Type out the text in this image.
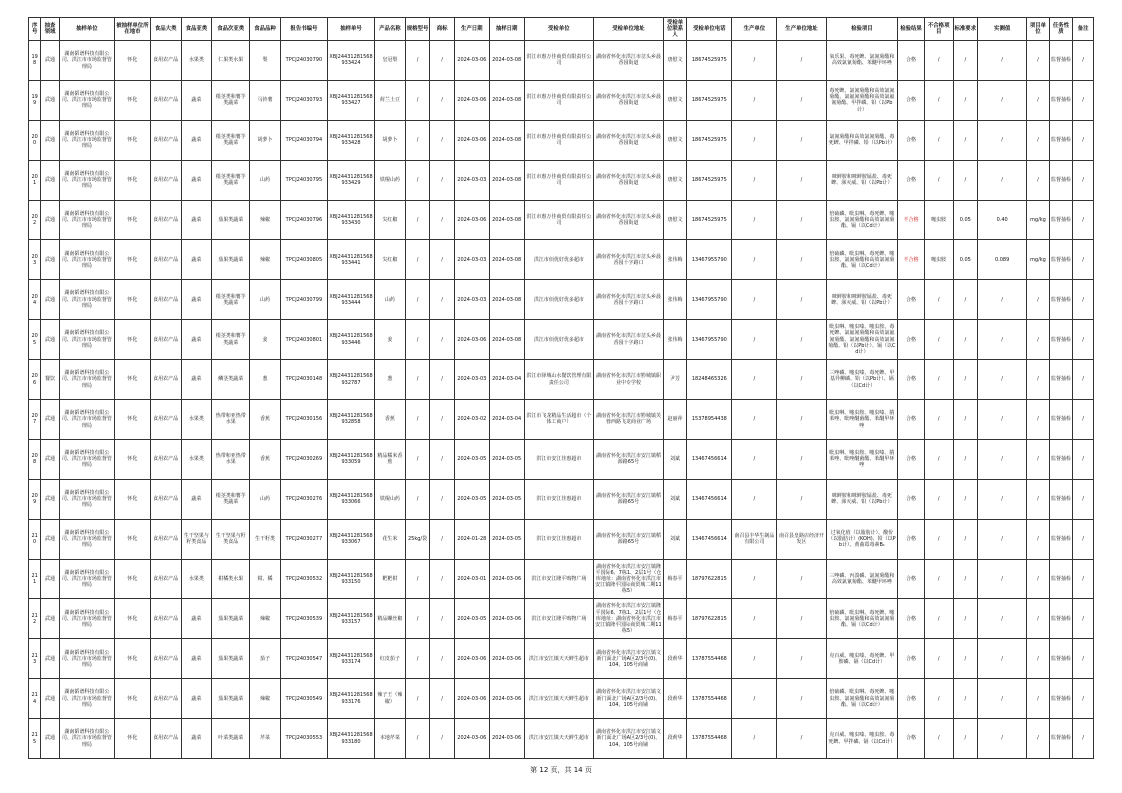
序号	抽查领域	抽样单位	被抽样单位所在地市	食品大类	食品亚类	食品次亚类	食品品种	报告书编号	抽样单号	产品名称	规格型号	商标	生产日期	抽样日期	受检单位	受检单位地址	受检单位联系人	受检单位电话	生产单位	生产单位地址	检验项目	检验结果	不合格项目	标准要求	实测值	项目单位	任务性质	备注
198	武通	湖南韬谱科技有限公司、洪江市市场监督管理局	怀化	食用农产品	水果类	仁果类水果	梨	TPCJ24030790	XBJ24431281568933424	皇冠梨	/	/	2024-03-06	2024-03-08	洪江市惠万佳商贸有限责任公司	湖南省怀化市洪江市岔头乡晨香园街道	唐慰文	18674525975	/	/	氧乐果、毒死蜱、氯氰菊酯和高效氯氰菊酯、苯醚甲环唑	合格	/	/	/	/	监督抽检	/
199	武通	湖南韬谱科技有限公司、洪江市市场监督管理局	怀化	食用农产品	蔬菜	根茎类和薯芋类蔬菜	马铃薯	TPCJ24030793	XBJ24431281568933427	荷兰土豆	/	/	2024-03-06	2024-03-08	洪江市惠万佳商贸有限责任公司	湖南省怀化市洪江市岔头乡晨香园街道	唐慰文	18674525975	/	/	毒死蜱、氯氰菊酯和高效氯氰菊酯、氯氟氰菊酯和高效氯氟氰菊酯、甲拌磷、铅（以Pb计）	合格	/	/	/	/	监督抽检	/
200	武通	湖南韬谱科技有限公司、洪江市市场监督管理局	怀化	食用农产品	蔬菜	根茎类和薯芋类蔬菜	胡萝卜	TPCJ24030794	XBJ24431281568933428	胡萝卜	/	/	2024-03-06	2024-03-08	洪江市惠万佳商贸有限责任公司	湖南省怀化市洪江市岔头乡晨香园街道	唐慰文	18674525975	/	/	氯氰菊酯和高效氯氰菊酯、毒死蜱、甲拌磷、铅（以Pb计）	合格	/	/	/	/	监督抽检	/
201	武通	湖南韬谱科技有限公司、洪江市市场监督管理局	怀化	食用农产品	蔬菜	根茎类和薯芋类蔬菜	山药	TPCJ24030795	XBJ24431281568933429	铁棍山药	/	/	2024-03-03	2024-03-08	洪江市惠万佳商贸有限责任公司	湖南省怀化市洪江市岔头乡晨香园街道	唐慰文	18674525975	/	/	咪鲜胺和咪鲜胺锰盐、毒死蜱、涕灭威、铅（以Pb计）	合格	/	/	/	/	监督抽检	/
202	武通	湖南韬谱科技有限公司、洪江市市场监督管理局	怀化	食用农产品	蔬菜	茄果类蔬菜	辣椒	TPCJ24030796	XBJ24431281568933430	尖红椒	/	/	2024-03-06	2024-03-08	洪江市惠万佳商贸有限责任公司	湖南省怀化市洪江市岔头乡晨香园街道	唐慰文	18674525975	/	/	倍硫磷、吡虫啉、毒死蜱、噻虫胺、氯氰菊酯和高效氯氰菊酯、镉（以Cd计）	不合格	噻虫胺	0.05	0.40	mg/kg	监督抽检	/
203	武通	湖南韬谱科技有限公司、洪江市市场监督管理局	怀化	食用农产品	蔬菜	茄果类蔬菜	辣椒	TPCJ24030805	XBJ24431281568933441	尖红椒	/	/	2024-03-03	2024-03-08	洪江市佰优好优多超市	湖南省怀化市洪江市岔头乡晨香园十字路口	张伟梅	13467955790	/	/	倍硫磷、吡虫啉、毒死蜱、噻虫胺、氯氰菊酯和高效氯氰菊酯、镉（以Cd计）	不合格	噻虫胺	0.05	0.089	mg/kg	监督抽检	/
204	武通	湖南韬谱科技有限公司、洪江市市场监督管理局	怀化	食用农产品	蔬菜	根茎类和薯芋类蔬菜	山药	TPCJ24030799	XBJ24431281568933444	山药	/	/	2024-03-03	2024-03-08	洪江市佰优好优多超市	湖南省怀化市洪江市岔头乡晨香园十字路口	张伟梅	13467955790	/	/	咪鲜胺和咪鲜胺锰盐、毒死蜱、涕灭威、铅（以Pb计）	合格	/	/	/	/	监督抽检	/
205	武通	湖南韬谱科技有限公司、洪江市市场监督管理局	怀化	食用农产品	蔬菜	根茎类和薯芋类蔬菜	姜	TPCJ24030801	XBJ24431281568933446	姜	/	/	2024-03-06	2024-03-08	洪江市佰优好优多超市	湖南省怀化市洪江市岔头乡晨香园十字路口	张伟梅	13467955790	/	/	吡虫啉、噻虫嗪、噻虫胺、毒死蜱、氯氟氰菊酯和高效氯氟氰菊酯、氯氰菊酯和高效氯氰菊酯、铅（以Pb计）、镉（以Cd计）	合格	/	/	/	/	监督抽检	/
206	餐饮	湖南韬谱科技有限公司、洪江市市场监督管理局	怀化	食用农产品	蔬菜	鳞茎类蔬菜	葱	TPCJ24030148	XBJ24431281568932787	葱	/	/	2024-03-03	2024-03-04	洪江市驿城山水餐饮管理有限责任公司	湖南省怀化市洪江市黔城镇职业中专学校	尹芳	18248465326	/	/	三唑磷、噻虫嗪、毒死蜱、甲基异柳磷、铅（以Pb计）、镉（以Cd计）	合格	/	/	/	/	监督抽检	/
207	武通	湖南韬谱科技有限公司、洪江市市场监督管理局	怀化	食用农产品	水果类	热带和亚热带水果	香蕉	TPCJ24030156	XBJ24431281568932858	香蕉	/	/	2024-03-02	2024-03-04	洪江市飞龙精品生活超市（个体工商户）	湖南省怀化市洪江市黔城镇芙蓉西路飞龙商业广场	赵丽萍	15378954438	/	/	吡虫啉、噻虫胺、噻虫嗪、腈苯唑、吡唑醚菌酯、苯醚甲环唑	合格	/	/	/	/	监督抽检	/
208	武通	湖南韬谱科技有限公司、洪江市市场监督管理局	怀化	食用农产品	水果类	热带和亚热带水果	香蕉	TPCJ24030269	XBJ24431281568933059	精品糯米香蕉	/	/	2024-03-05	2024-03-05	洪江市安江佳惠超市	湖南省怀化市洪江市安江镇稻源路65号	刘斌	13467456614	/	/	吡虫啉、噻虫胺、噻虫嗪、腈苯唑、吡唑醚菌酯、苯醚甲环唑	合格	/	/	/	/	监督抽检	/
209	武通	湖南韬谱科技有限公司、洪江市市场监督管理局	怀化	食用农产品	蔬菜	根茎类和薯芋类蔬菜	山药	TPCJ24030276	XBJ24431281568933066	铁棍山药	/	/	2024-03-05	2024-03-05	洪江市安江佳惠超市	湖南省怀化市洪江市安江镇稻源路65号	刘斌	13467456614	/	/	咪鲜胺和咪鲜胺锰盐、毒死蜱、涕灭威、铅（以Pb计）	合格	/	/	/	/	监督抽检	/
210	武通	湖南韬谱科技有限公司、洪江市市场监督管理局	怀化	食用农产品	生干坚果与籽类食品	生干坚果与籽类食品	生干籽类	TPCJ24030277	XBJ24431281568933067	花生米	25kg/袋	/	2024-01-28	2024-03-05	洪江市安江佳惠超市	湖南省怀化市洪江市安江镇稻源路65号	刘斌	13467456614	南召县丰华生制品有限公司	南召县皇路店经济开发区	过氧化值（以脂肪计）、酸价（以脂肪计）(KOH)、铅（以Pb计）、黄曲霉毒素B₁	合格	/	/	/	/	监督抽检	/
211	武通	湖南韬谱科技有限公司、洪江市市场监督管理局	怀化	食用农产品	水果类	柑橘类水果	柑、橘	TPCJ24030532	XBJ24431281568933150	粑粑柑	/	/	2024-03-01	2024-03-06	洪江市安江隆平购物广场	湖南省怀化市洪江市安江镇隆平国际6、7栋1、2层1号（仓库地址：湖南省怀化市洪江市安江镇隆平国际商贸城二期11栋5）	梅春平	18797622815	/	/	三唑磷、丙溴磷、氯氰菊酯和高效氯氰菊酯、苯醚甲环唑	合格	/	/	/	/	监督抽检	/
212	武通	湖南韬谱科技有限公司、洪江市市场监督管理局	怀化	食用农产品	蔬菜	茄果类蔬菜	辣椒	TPCJ24030539	XBJ24431281568933157	精品螺丝椒	/	/	2024-03-05	2024-03-06	洪江市安江隆平购物广场	湖南省怀化市洪江市安江镇隆平国际6、7栋1、2层1号（仓库地址：湖南省怀化市洪江市安江镇隆平国际商贸城二期11栋5）	梅春平	18797622815	/	/	倍硫磷、吡虫啉、毒死蜱、噻虫胺、氯氰菊酯和高效氯氰菊酯、镉（以Cd计）	合格	/	/	/	/	监督抽检	/
213	武通	湖南韬谱科技有限公司、洪江市市场监督管理局	怀化	食用农产品	蔬菜	茄果类蔬菜	茄子	TPCJ24030547	XBJ24431281568933174	红皮茄子	/	/	2024-03-06	2024-03-06	洪江市安江镇天天鲜生超市	湖南省怀化市洪江市安江镇文新门面北广场A区2/3号(0)、104、105号商铺	段莉华	13787554468	/	/	克百威、噻虫嗪、毒死蜱、甲胺磷、镉（以Cd计）	合格	/	/	/	/	监督抽检	/
214	武通	湖南韬谱科技有限公司、洪江市市场监督管理局	怀化	食用农产品	蔬菜	茄果类蔬菜	辣椒	TPCJ24030549	XBJ24431281568933176	辣子王（辣椒）	/	/	2024-03-06	2024-03-06	洪江市安江镇天天鲜生超市	湖南省怀化市洪江市安江镇文新门面北广场A区2/3号(0)、104、105号商铺	段莉华	13787554468	/	/	倍硫磷、吡虫啉、毒死蜱、噻虫胺、氯氰菊酯和高效氯氰菊酯、镉（以Cd计）	合格	/	/	/	/	监督抽检	/
215	武通	湖南韬谱科技有限公司、洪江市市场监督管理局	怀化	食用农产品	蔬菜	叶菜类蔬菜	芹菜	TPCJ24030553	XBJ24431281568933180	本地芹菜	/	/	2024-03-06	2024-03-06	洪江市安江镇天天鲜生超市	湖南省怀化市洪江市安江镇文新门面北广场A区2/3号(0)、104、105号商铺	段莉华	13787554468	/	/	克百威、噻虫嗪、噻虫胺、毒死蜱、甲拌磷、镉（以Cd计）	合格	/	/	/	/	监督抽检	/
第 12 页，共 14 页
